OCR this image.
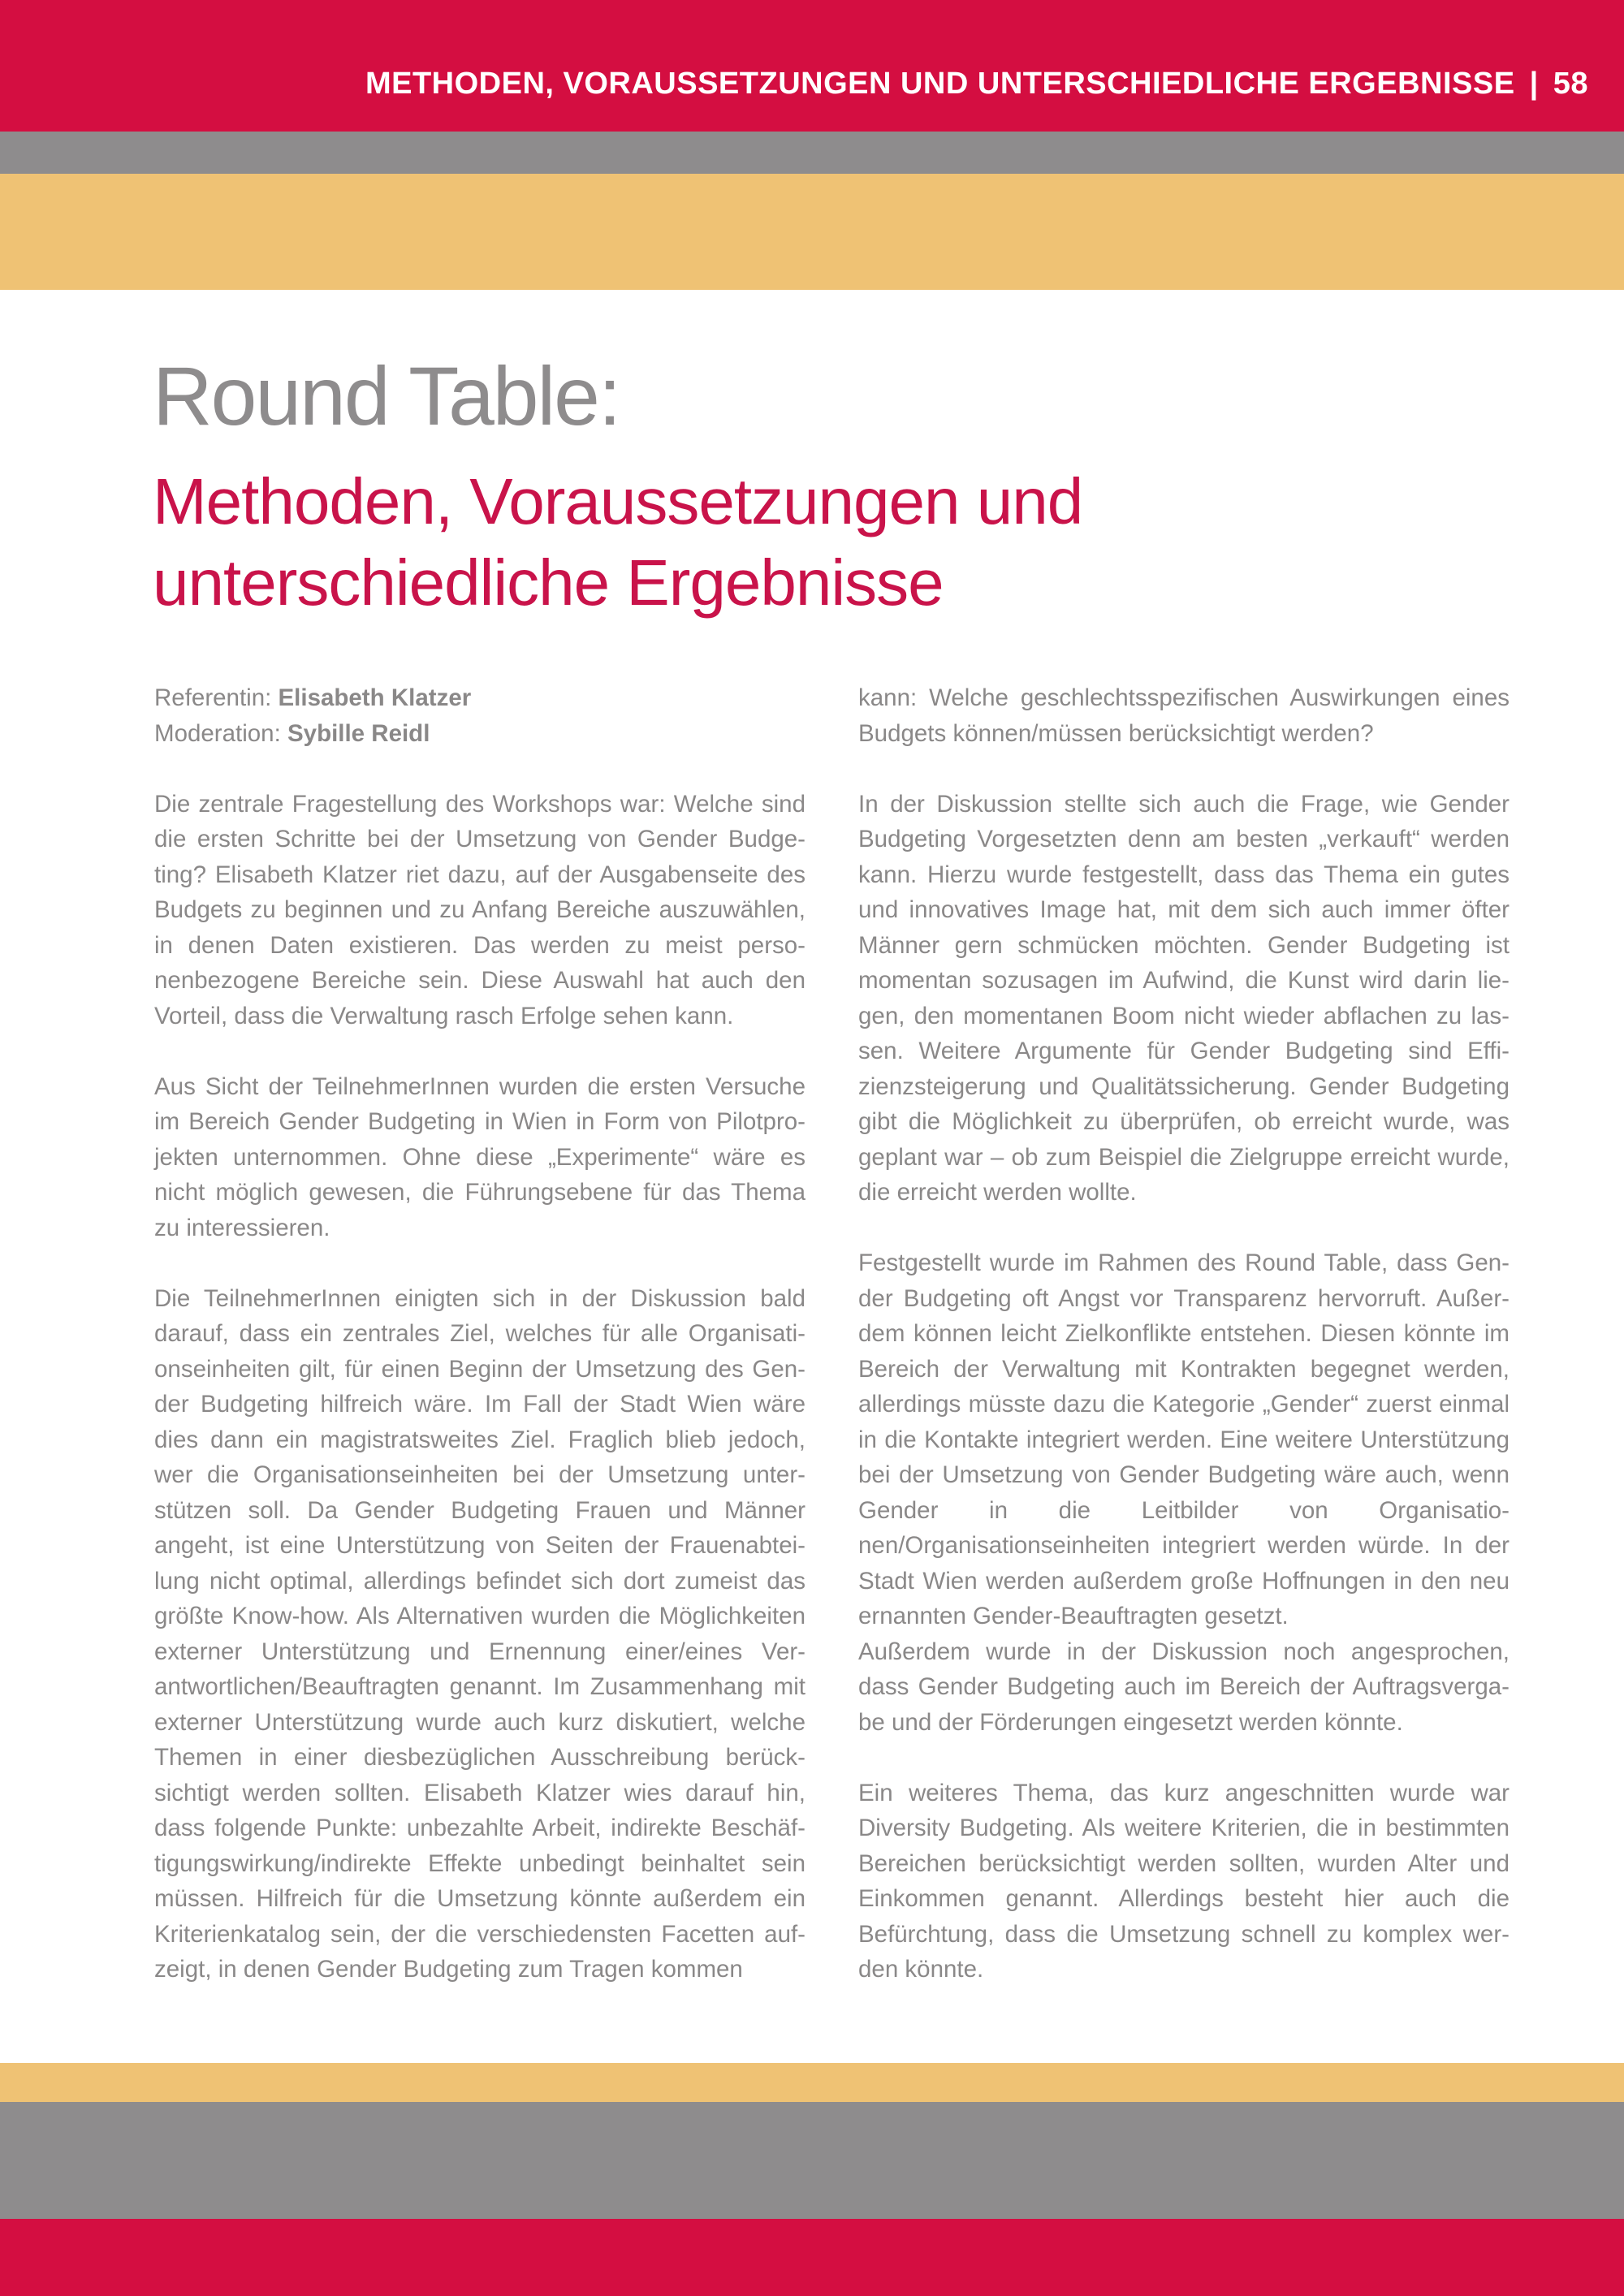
METHODEN, VORAUSSETZUNGEN UND UNTERSCHIEDLICHE ERGEBNISSE | 58
Round Table:
Methoden, Voraussetzungen und
unterschiedliche Ergebnisse

Referentin: Elisabeth Klatzer
Moderation: Sybille Reidl

Die zentrale Fragestellung des Workshops war: Welche sind die ersten Schritte bei der Umsetzung von Gender Budgeting? Elisabeth Klatzer riet dazu, auf der Ausgabenseite des Budgets zu beginnen und zu Anfang Bereiche auszuwählen, in denen Daten existieren. Das werden zu meist personenbezogene Bereiche sein. Diese Auswahl hat auch den Vorteil, dass die Verwaltung rasch Erfolge sehen kann.

Aus Sicht der TeilnehmerInnen wurden die ersten Versuche im Bereich Gender Budgeting in Wien in Form von Pilotprojekten unternommen. Ohne diese „Experimente“ wäre es nicht möglich gewesen, die Führungsebene für das Thema zu interessieren.

Die TeilnehmerInnen einigten sich in der Diskussion bald darauf, dass ein zentrales Ziel, welches für alle Organisationseinheiten gilt, für einen Beginn der Umsetzung des Gender Budgeting hilfreich wäre. Im Fall der Stadt Wien wäre dies dann ein magistratsweites Ziel. Fraglich blieb jedoch, wer die Organisationseinheiten bei der Umsetzung unterstützen soll. Da Gender Budgeting Frauen und Männer angeht, ist eine Unterstützung von Seiten der Frauenabteilung nicht optimal, allerdings befindet sich dort zumeist das größte Know-how. Als Alternativen wurden die Möglichkeiten externer Unterstützung und Ernennung einer/eines Verantwortlichen/Beauftragten genannt. Im Zusammenhang mit externer Unterstützung wurde auch kurz diskutiert, welche Themen in einer diesbezüglichen Ausschreibung berücksichtigt werden sollten. Elisabeth Klatzer wies darauf hin, dass folgende Punkte: unbezahlte Arbeit, indirekte Beschäftigungswirkung/indirekte Effekte unbedingt beinhaltet sein müssen. Hilfreich für die Umsetzung könnte außerdem ein Kriterienkatalog sein, der die verschiedensten Facetten aufzeigt, in denen Gender Budgeting zum Tragen kommen

kann: Welche geschlechtsspezifischen Auswirkungen eines Budgets können/müssen berücksichtigt werden?

In der Diskussion stellte sich auch die Frage, wie Gender Budgeting Vorgesetzten denn am besten „verkauft“ werden kann. Hierzu wurde festgestellt, dass das Thema ein gutes und innovatives Image hat, mit dem sich auch immer öfter Männer gern schmücken möchten. Gender Budgeting ist momentan sozusagen im Aufwind, die Kunst wird darin liegen, den momentanen Boom nicht wieder abflachen zu lassen. Weitere Argumente für Gender Budgeting sind Effizienzsteigerung und Qualitätssicherung. Gender Budgeting gibt die Möglichkeit zu überprüfen, ob erreicht wurde, was geplant war – ob zum Beispiel die Zielgruppe erreicht wurde, die erreicht werden wollte.

Festgestellt wurde im Rahmen des Round Table, dass Gender Budgeting oft Angst vor Transparenz hervorruft. Außerdem können leicht Zielkonflikte entstehen. Diesen könnte im Bereich der Verwaltung mit Kontrakten begegnet werden, allerdings müsste dazu die Kategorie „Gender“ zuerst einmal in die Kontakte integriert werden. Eine weitere Unterstützung bei der Umsetzung von Gender Budgeting wäre auch, wenn Gender in die Leitbilder von Organisationen/Organisationseinheiten integriert werden würde. In der Stadt Wien werden außerdem große Hoffnungen in den neu ernannten Gender-Beauftragten gesetzt.

Außerdem wurde in der Diskussion noch angesprochen, dass Gender Budgeting auch im Bereich der Auftragsvergabe und der Förderungen eingesetzt werden könnte.

Ein weiteres Thema, das kurz angeschnitten wurde war Diversity Budgeting. Als weitere Kriterien, die in bestimmten Bereichen berücksichtigt werden sollten, wurden Alter und Einkommen genannt. Allerdings besteht hier auch die Befürchtung, dass die Umsetzung schnell zu komplex werden könnte.
